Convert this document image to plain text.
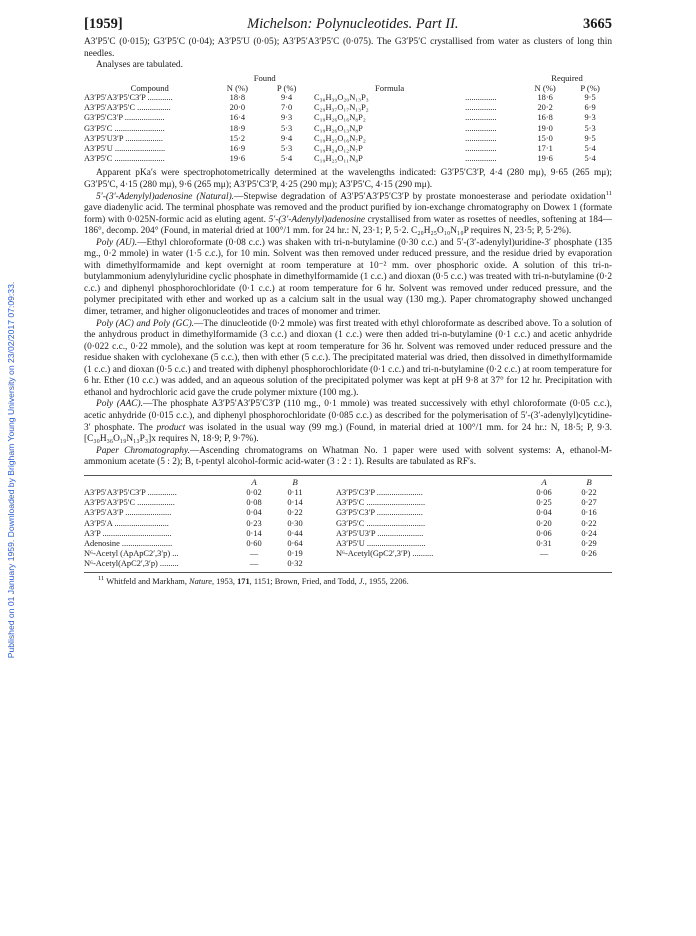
Published on 01 January 1959. Downloaded by Brigham Young University on 23/02/2017 07:09:33.
[1959]	Michelson: Polynucleotides. Part II.	3665

A3′P5′C (0·015); G3′P5′C (0·04); A3′P5′U (0·05); A3′P5′A3′P5′C (0·075). The G3′P5′C crystallised from water as clusters of long thin needles.

Analyses are tabulated.

	Found				Required	
Compound	N (%)	P (%)	Formula		N (%)	P (%)
A3′P5′A3′P5′C3′P ............	18·8	9·4	C₃₀H₃₉O₂₀N₁₃P₃	...............	18·6	9·5
A3′P5′A3′P5′C ................	20·0	7·0	C₂₉H₃₇O₁₇N₁₃P₂	...............	20·2	6·9
G3′P5′C3′P ...................	16·4	9·3	C₁₉H₂₆O₁₆N₈P₂	...............	16·8	9·3
G3′P5′C ........................	18·9	5·3	C₁₉H₂₆O₁₃N₈P	...............	19·0	5·3
A3′P5′U3′P ..................	15·2	9·4	C₁₉H₂₅O₁₆N₇P₂	...............	15·0	9·5
A3′P5′U ........................	16·9	5·3	C₁₉H₂₄O₁₂N₇P	...............	17·1	5·4
A3′P5′C ........................	19·6	5·4	C₁₉H₂₅O₁₁N₈P	...............	19·6	5·4

Apparent pKa′s were spectrophotometrically determined at the wavelengths indicated: G3′P5′C3′P, 4·4 (280 mμ), 9·65 (265 mμ); G3′P5′C, 4·15 (280 mμ), 9·6 (265 mμ); A3′P5′C3′P, 4·25 (290 mμ); A3′P5′C, 4·15 (290 mμ).

5′-(3′-Adenylyl)adenosine (Natural).—Stepwise degradation of A3′P5′A3′P5′C3′P by prostate monoesterase and periodate oxidation$^{11}$ gave diadenylic acid. The terminal phosphate was removed and the product purified by ion-exchange chromatography on Dowex 1 (formate form) with 0·025N-formic acid as eluting agent. 5′-(3′-Adenylyl)adenosine crystallised from water as rosettes of needles, softening at 184—186°, decomp. 204° (Found, in material dried at 100°/1 mm. for 24 hr.: N, 23·1; P, 5·2. C₂₀H₂₅O₁₀N₁₀P requires N, 23·5; P, 5·2%).

Poly (AU).—Ethyl chloroformate (0·08 c.c.) was shaken with tri-n-butylamine (0·30 c.c.) and 5′-(3′-adenylyl)uridine-3′ phosphate (135 mg., 0·2 mmole) in water (1·5 c.c.), for 10 min. Solvent was then removed under reduced pressure, and the residue dried by evaporation with dimethylformamide and kept overnight at room temperature at 10⁻² mm. over phosphoric oxide. A solution of this tri-n-butylammonium adenylyluridine cyclic phosphate in dimethylformamide (1 c.c.) and dioxan (0·5 c.c.) was treated with tri-n-butylamine (0·2 c.c.) and diphenyl phosphorochloridate (0·1 c.c.) at room temperature for 6 hr. Solvent was removed under reduced pressure, and the polymer precipitated with ether and worked up as a calcium salt in the usual way (130 mg.). Paper chromatography showed unchanged dimer, tetramer, and higher oligonucleotides and traces of monomer and trimer.

Poly (AC) and Poly (GC).—The dinucleotide (0·2 mmole) was first treated with ethyl chloroformate as described above. To a solution of the anhydrous product in dimethylformamide (3 c.c.) and dioxan (1 c.c.) were then added tri-n-butylamine (0·1 c.c.) and acetic anhydride (0·022 c.c., 0·22 mmole), and the solution was kept at room temperature for 36 hr. Solvent was removed under reduced pressure and the residue shaken with cyclohexane (5 c.c.), then with ether (5 c.c.). The precipitated material was dried, then dissolved in dimethylformamide (1 c.c.) and dioxan (0·5 c.c.) and treated with diphenyl phosphorochloridate (0·1 c.c.) and tri-n-butylamine (0·2 c.c.) at room temperature for 6 hr. Ether (10 c.c.) was added, and an aqueous solution of the precipitated polymer was kept at pH 9·8 at 37° for 12 hr. Precipitation with ethanol and hydrochloric acid gave the crude polymer mixture (100 mg.).

Poly (AAC).—The phosphate A3′P5′A3′P5′C3′P (110 mg., 0·1 mmole) was treated successively with ethyl chloroformate (0·05 c.c.), acetic anhydride (0·015 c.c.), and diphenyl phosphorochloridate (0·085 c.c.) as described for the polymerisation of 5′-(3′-adenylyl)cytidine-3′ phosphate. The product was isolated in the usual way (99 mg.) (Found, in material dried at 100°/1 mm. for 24 hr.: N, 18·5; P, 9·3. [C₃₀H₃₆O₁₉N₁₃P₃]x requires N, 18·9; P, 9·7%).

Paper Chromatography.—Ascending chromatograms on Whatman No. 1 paper were used with solvent systems: A, ethanol-M-ammonium acetate (5 : 2); B, t-pentyl alcohol-formic acid-water (3 : 2 : 1). Results are tabulated as RF′s.

	A	B			A	B
A3′P5′A3′P5′C3′P ..............	0·02	0·11		A3′P5′C3′P ......................	0·06	0·22
A3′P5′A3′P5′C ..................	0·08	0·14		A3′P5′C ............................	0·25	0·27
A3′P5′A3′P ......................	0·04	0·22		G3′P5′C3′P ......................	0·04	0·16
A3′P5′A ..........................	0·23	0·30		G3′P5′C ............................	0·20	0·22
A3′P .................................	0·14	0·44		A3′P5′U3′P ......................	0·06	0·24
Adenosine ........................	0·60	0·64		A3′P5′U ............................	0·31	0·29
N⁶-Acetyl (ApApC2′,3′p) ...	—	0·19		N⁶-Acetyl(GpC2′,3′P) ..........	—	0·26
N⁶-Acetyl(ApC2′,3′p) .........	—	0·32				

$^{11}$ Whitfeld and Markham, Nature, 1953, 171, 1151; Brown, Fried, and Todd, J., 1955, 2206.
